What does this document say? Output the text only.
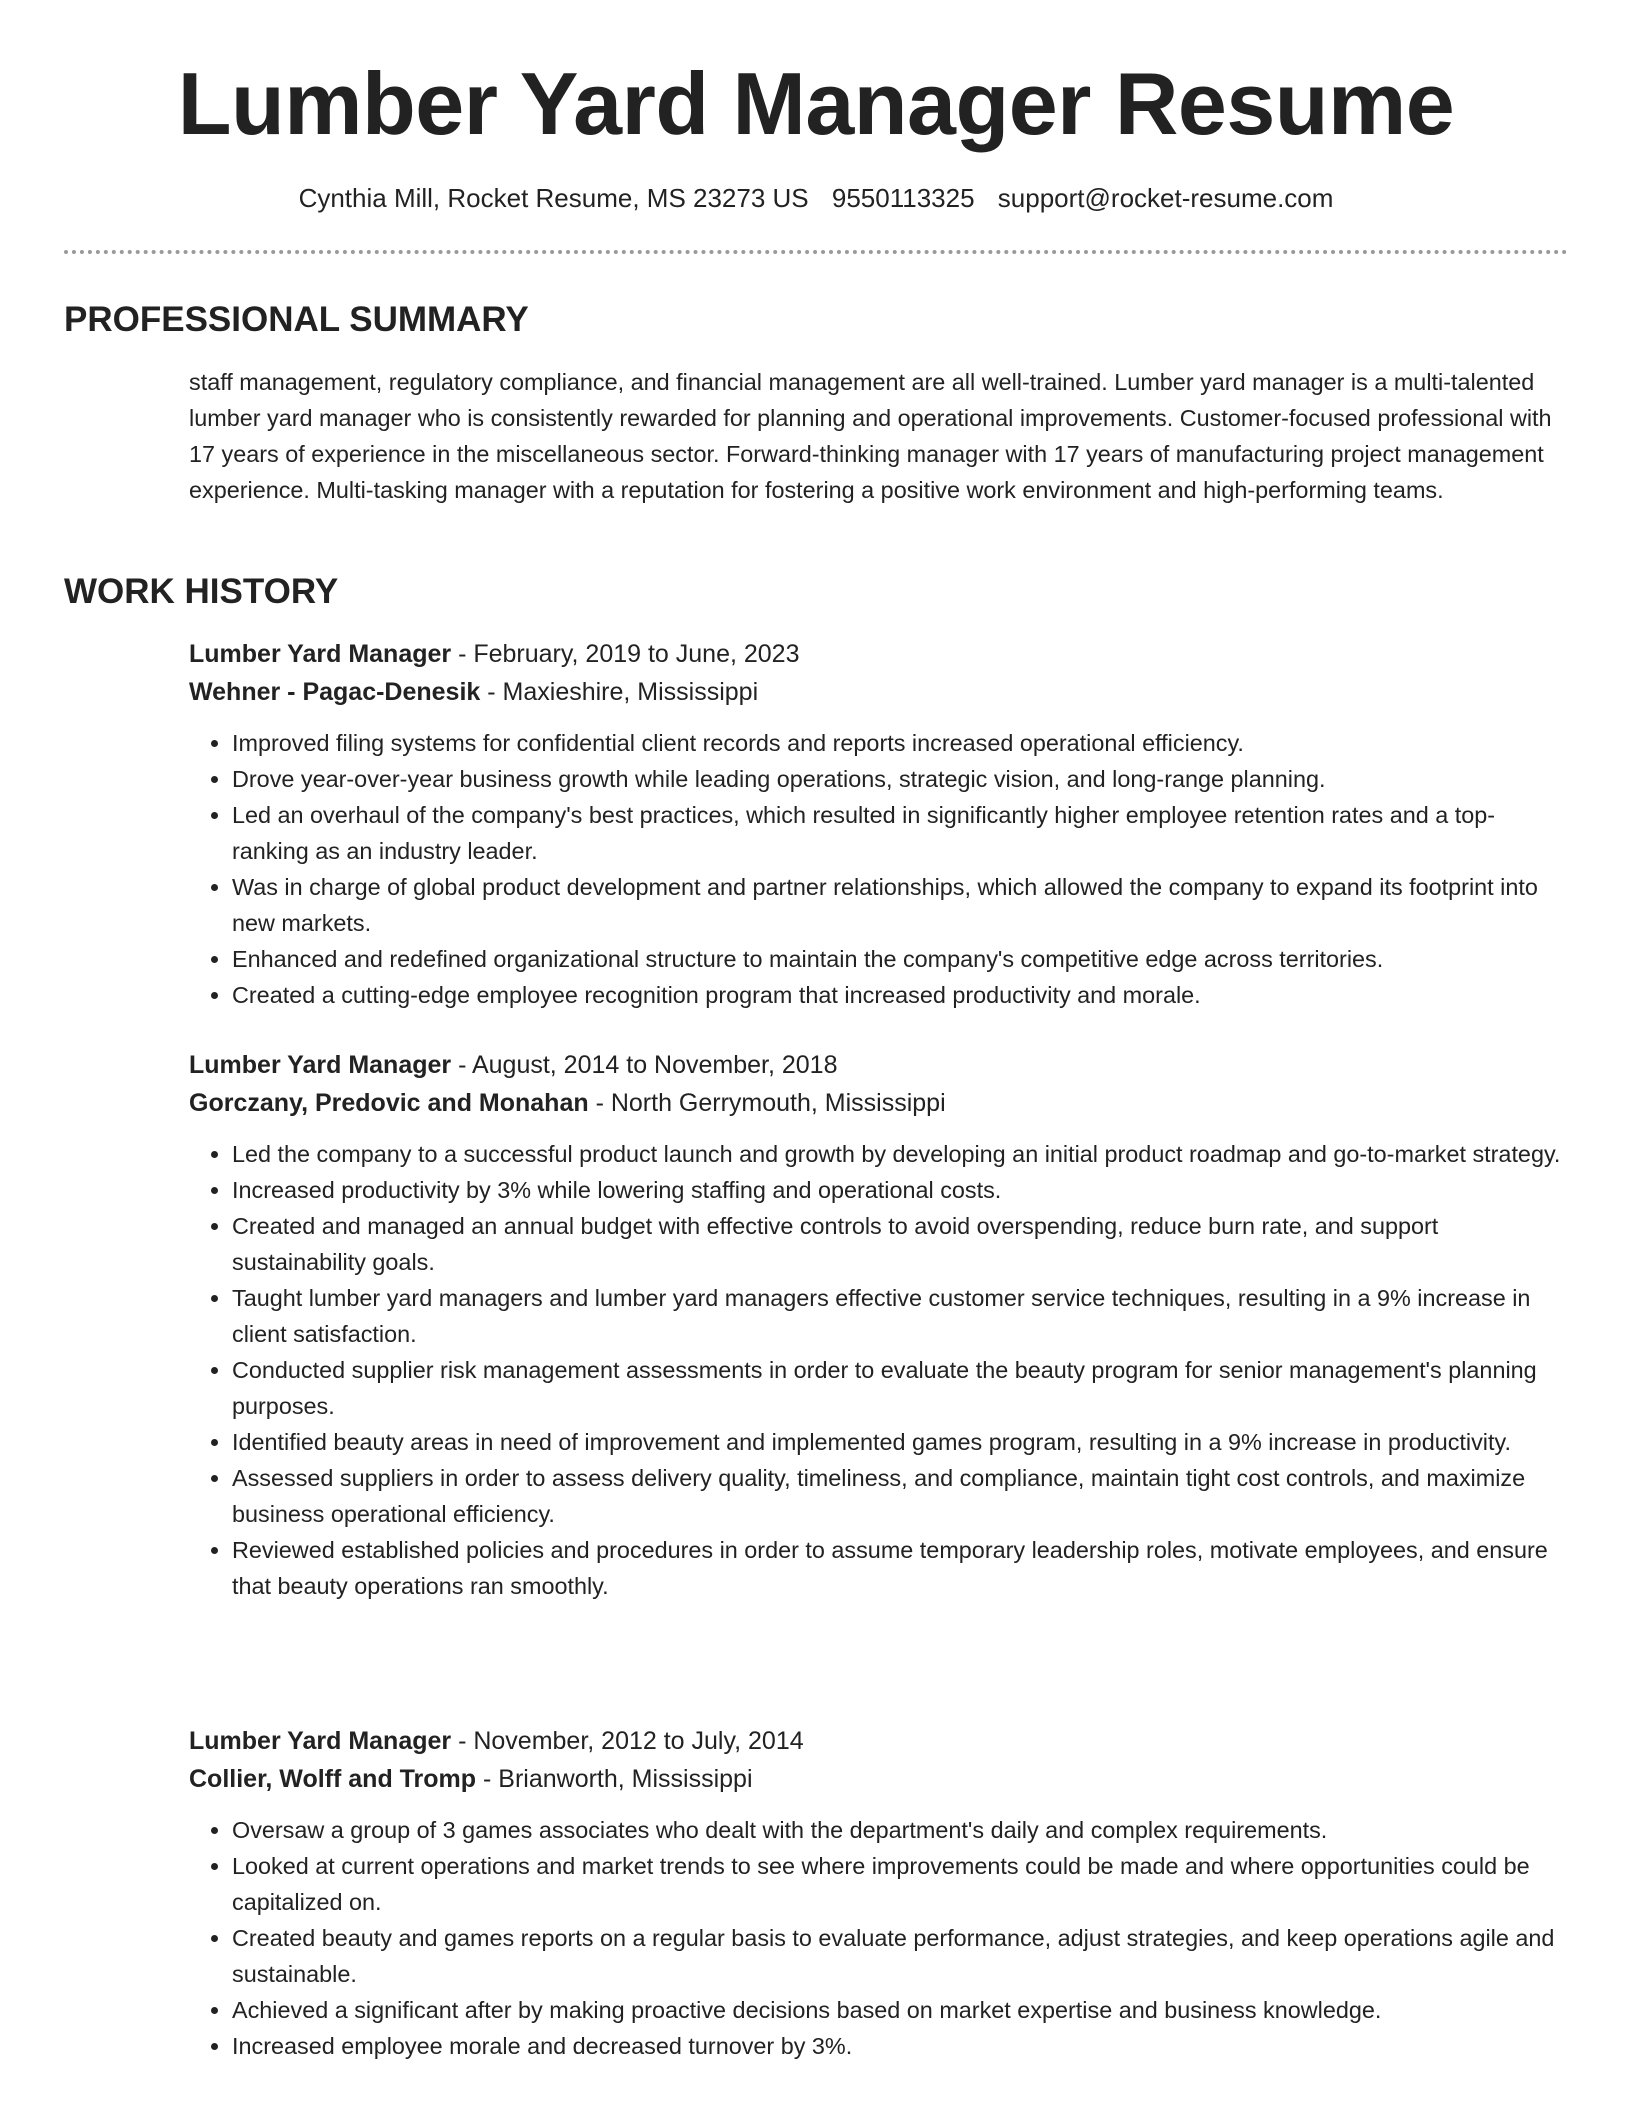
Lumber Yard Manager Resume
Cynthia Mill, Rocket Resume, MS 23273 US 9550113325 support@rocket-resume.com
PROFESSIONAL SUMMARY

staff management, regulatory compliance, and financial management are all well-trained. Lumber yard manager is a multi-talented lumber yard manager who is consistently rewarded for planning and operational improvements. Customer-focused professional with 17 years of experience in the miscellaneous sector. Forward-thinking manager with 17 years of manufacturing project management experience. Multi-tasking manager with a reputation for fostering a positive work environment and high-performing teams.

WORK HISTORY

Lumber Yard Manager - February, 2019 to June, 2023

Wehner - Pagac-Denesik - Maxieshire, Mississippi

• Improved filing systems for confidential client records and reports increased operational efficiency.
• Drove year-over-year business growth while leading operations, strategic vision, and long-range planning.
• Led an overhaul of the company's best practices, which resulted in significantly higher employee retention rates and a top-ranking as an industry leader.
• Was in charge of global product development and partner relationships, which allowed the company to expand its footprint into new markets.
• Enhanced and redefined organizational structure to maintain the company's competitive edge across territories.
• Created a cutting-edge employee recognition program that increased productivity and morale.

Lumber Yard Manager - August, 2014 to November, 2018

Gorczany, Predovic and Monahan - North Gerrymouth, Mississippi

• Led the company to a successful product launch and growth by developing an initial product roadmap and go-to-market strategy.
• Increased productivity by 3% while lowering staffing and operational costs.
• Created and managed an annual budget with effective controls to avoid overspending, reduce burn rate, and support sustainability goals.
• Taught lumber yard managers and lumber yard managers effective customer service techniques, resulting in a 9% increase in client satisfaction.
• Conducted supplier risk management assessments in order to evaluate the beauty program for senior management's planning purposes.
• Identified beauty areas in need of improvement and implemented games program, resulting in a 9% increase in productivity.
• Assessed suppliers in order to assess delivery quality, timeliness, and compliance, maintain tight cost controls, and maximize business operational efficiency.
• Reviewed established policies and procedures in order to assume temporary leadership roles, motivate employees, and ensure that beauty operations ran smoothly.

Lumber Yard Manager - November, 2012 to July, 2014

Collier, Wolff and Tromp - Brianworth, Mississippi

• Oversaw a group of 3 games associates who dealt with the department's daily and complex requirements.
• Looked at current operations and market trends to see where improvements could be made and where opportunities could be capitalized on.
• Created beauty and games reports on a regular basis to evaluate performance, adjust strategies, and keep operations agile and sustainable.
• Achieved a significant after by making proactive decisions based on market expertise and business knowledge.
• Increased employee morale and decreased turnover by 3%.
